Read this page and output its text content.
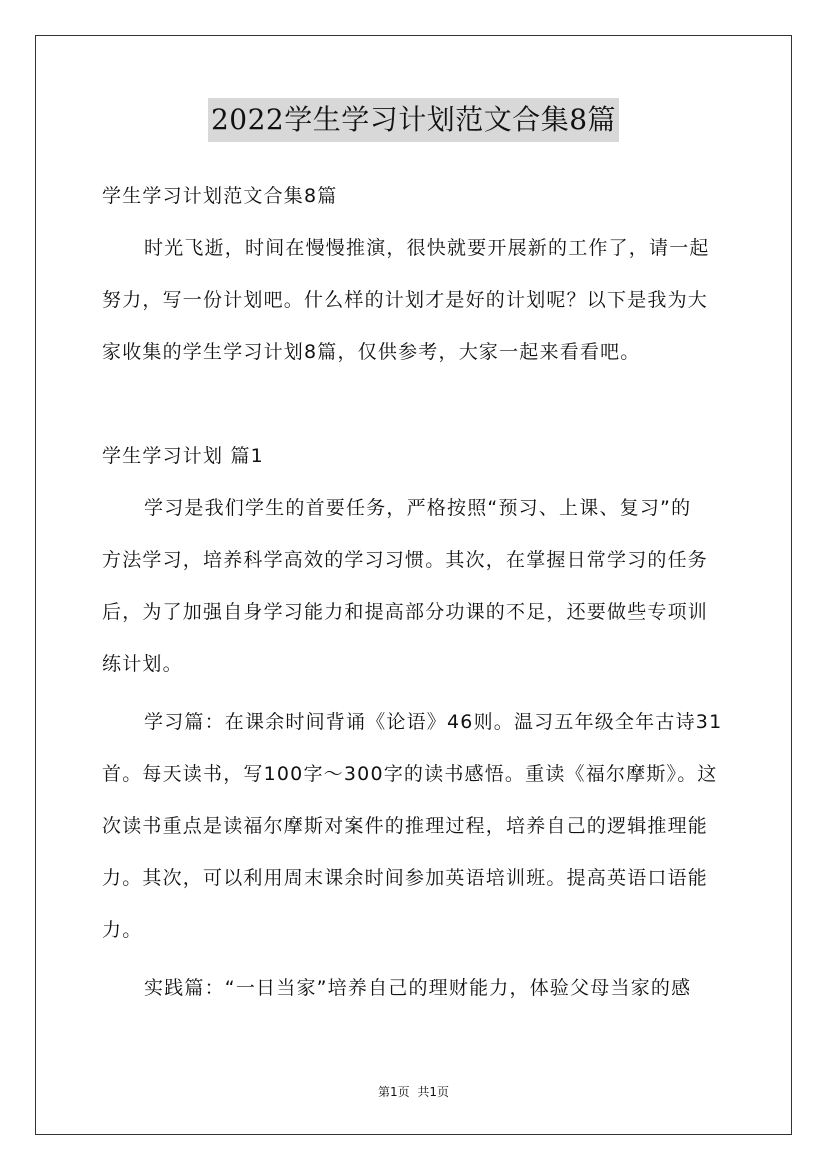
2022学生学习计划范文合集8篇
学生学习计划范文合集8篇
时光飞逝，时间在慢慢推演，很快就要开展新的工作了，请一起
努力，写一份计划吧。什么样的计划才是好的计划呢？以下是我为大
家收集的学生学习计划8篇，仅供参考，大家一起来看看吧。
学生学习计划 篇1
学习是我们学生的首要任务，严格按照“预习、上课、复习”的
方法学习，培养科学高效的学习习惯。其次，在掌握日常学习的任务
后，为了加强自身学习能力和提高部分功课的不足，还要做些专项训
练计划。
学习篇：在课余时间背诵《论语》46则。温习五年级全年古诗31
首。每天读书，写100字～300字的读书感悟。重读《福尔摩斯》。这
次读书重点是读福尔摩斯对案件的推理过程，培养自己的逻辑推理能
力。其次，可以利用周末课余时间参加英语培训班。提高英语口语能
力。
实践篇：“一日当家”培养自己的理财能力，体验父母当家的感
第1页 共1页
